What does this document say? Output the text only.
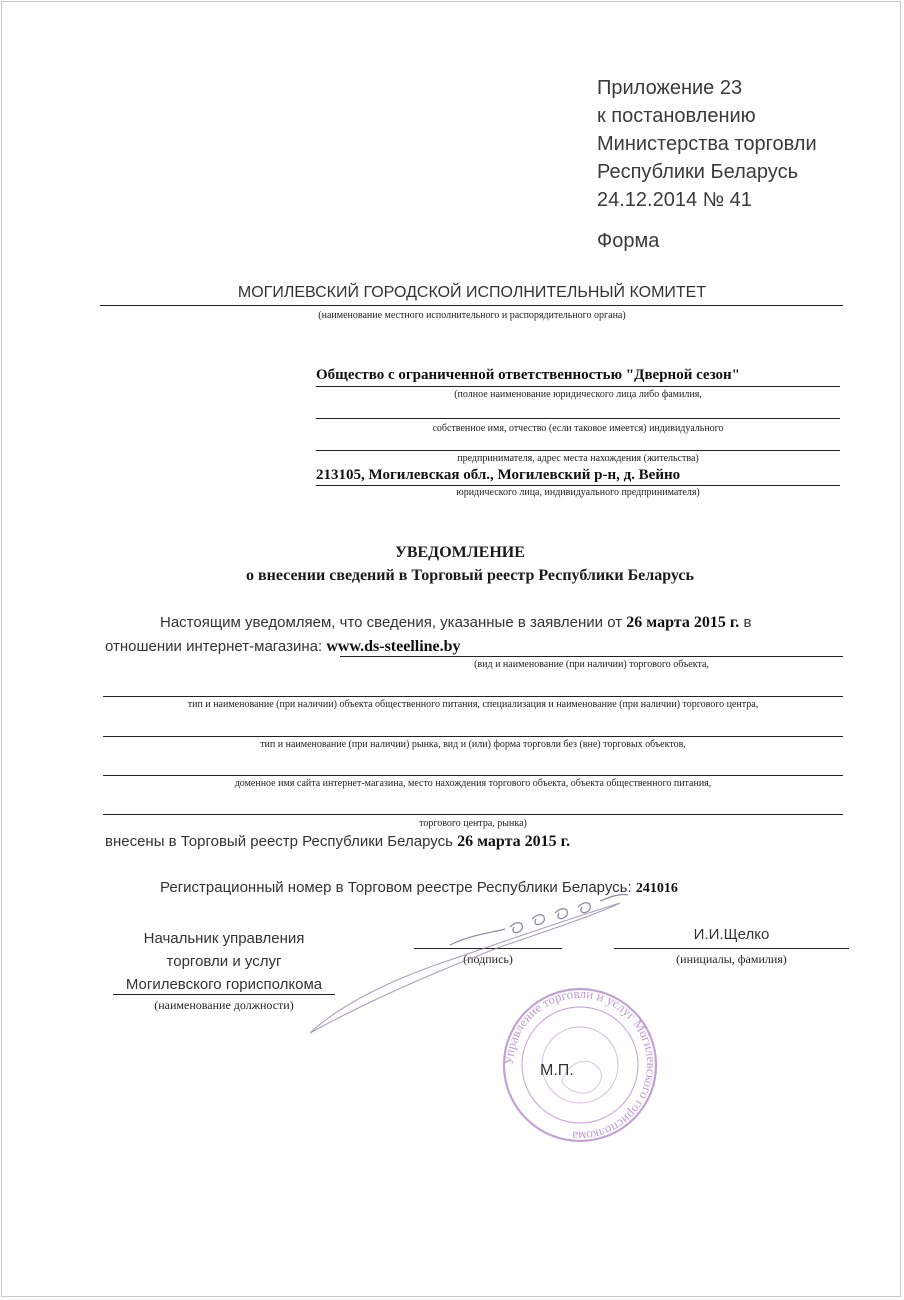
Приложение 23
к постановлению
Министерства торговли
Республики Беларусь
24.12.2014 № 41
Форма
МОГИЛЕВСКИЙ ГОРОДСКОЙ ИСПОЛНИТЕЛЬНЫЙ КОМИТЕТ
(наименование местного исполнительного и распорядительного органа)
Общество с ограниченной ответственностью "Дверной сезон"
(полное наименование юридического лица либо фамилия,
собственное имя, отчество (если таковое имеется) индивидуального
предпринимателя, адрес места нахождения (жительства)
213105, Могилевская обл., Могилевский р-н, д. Вейно
юридического лица, индивидуального предпринимателя)
УВЕДОМЛЕНИЕ
о внесении сведений в Торговый реестр Республики Беларусь
Настоящим уведомляем, что сведения, указанные в заявлении от 26 марта 2015 г. в
отношении интернет-магазина: www.ds-steelline.by
(вид и наименование (при наличии) торгового объекта,
тип и наименование (при наличии) объекта общественного питания, специализация и наименование (при наличии) торгового центра,
тип и наименование (при наличии) рынка, вид и (или) форма торговли без (вне) торговых объектов,
доменное имя сайта интернет-магазина, место нахождения торгового объекта, объекта общественного питания,
торгового центра, рынка)
внесены в Торговый реестр Республики Беларусь 26 марта 2015 г.
Регистрационный номер в Торговом реестре Республики Беларусь: 241016
Начальник управления
торговли и услуг
Могилевского горисполкома
(наименование должности)
(подпись)
И.И.Щелко
(инициалы, фамилия)
Управление торговли и услуг Могилевского горисполкома
М.П.
